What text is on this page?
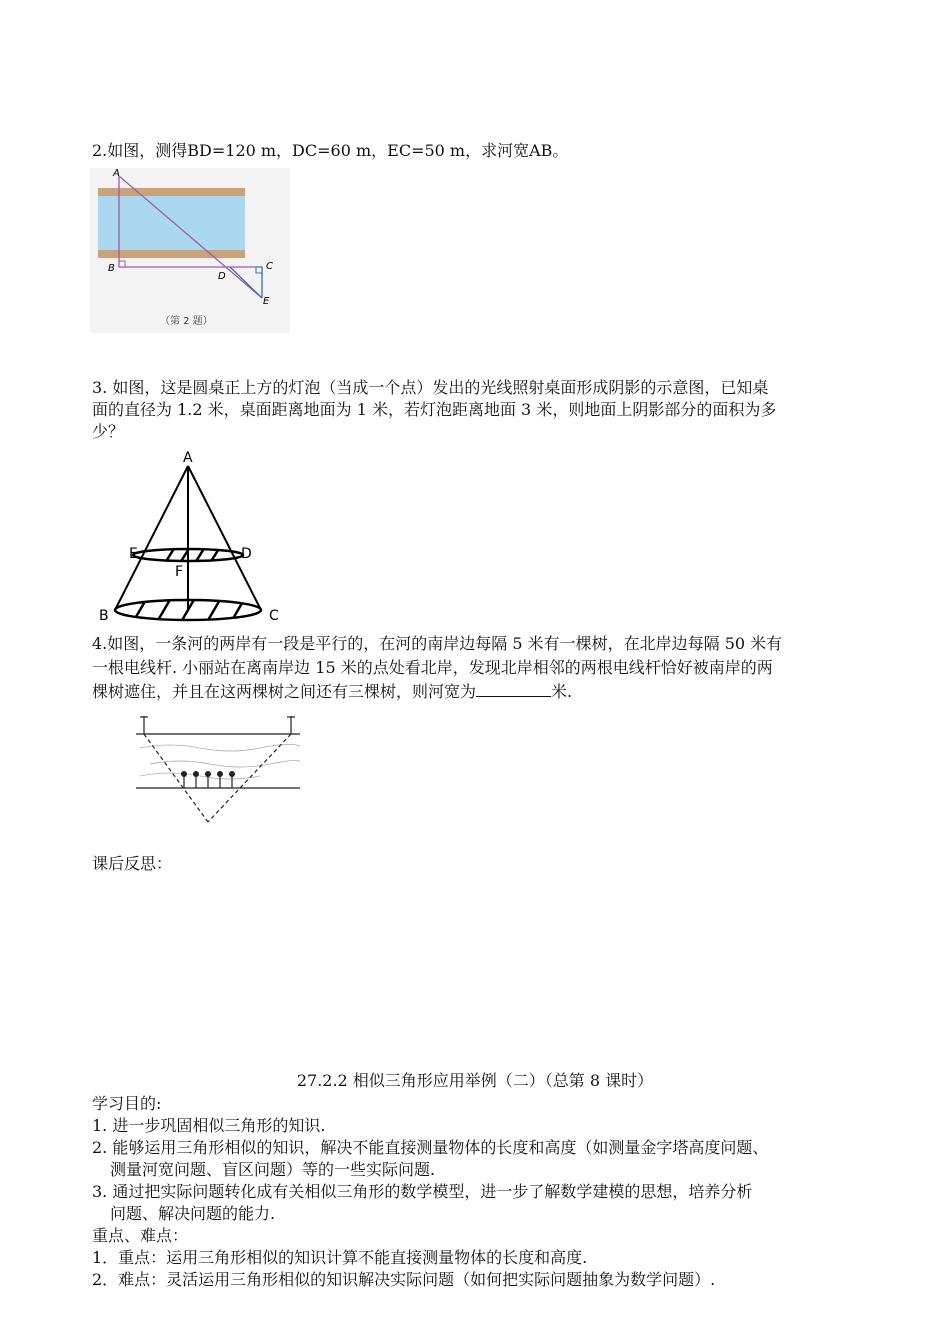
2.如图，测得BD=120 m，DC=60 m，EC=50 m，求河宽AB。
A
B	C
D
E
（第 2 题）
3. 如图，这是圆桌正上方的灯泡（当成一个点）发出的光线照射桌面形成阴影的示意图，已知桌
面的直径为 1.2 米，桌面距离地面为 1 米，若灯泡距离地面 3 米，则地面上阴影部分的面积为多
少？
A
E	D
F
B	C
4.如图，一条河的两岸有一段是平行的，在河的南岸边每隔 5 米有一棵树，在北岸边每隔 50 米有
一根电线杆. 小丽站在离南岸边 15 米的点处看北岸，发现北岸相邻的两根电线杆恰好被南岸的两
棵树遮住，并且在这两棵树之间还有三棵树，则河宽为	米.
课后反思：
27.2.2 相似三角形应用举例（二）（总第 8 课时）
学习目的:
1. 进一步巩固相似三角形的知识.
2. 能够运用三角形相似的知识，解决不能直接测量物体的长度和高度（如测量金字塔高度问题、
测量河宽问题、盲区问题）等的一些实际问题.
3. 通过把实际问题转化成有关相似三角形的数学模型，进一步了解数学建模的思想，培养分析
问题、解决问题的能力.
重点、难点：
1．重点：运用三角形相似的知识计算不能直接测量物体的长度和高度.
2．难点：灵活运用三角形相似的知识解决实际问题（如何把实际问题抽象为数学问题）.
